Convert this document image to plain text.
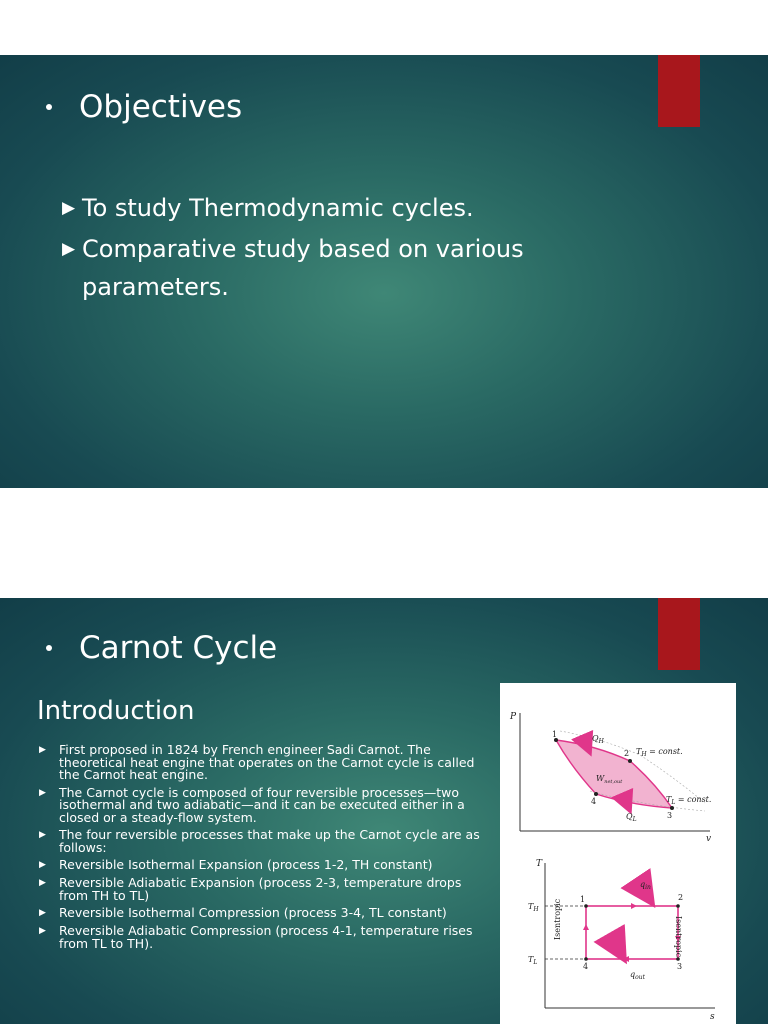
Objectives
▶ To study Thermodynamic cycles.
▶ Comparative study based on various parameters.
Carnot Cycle
Introduction
▶	First proposed in 1824 by French engineer Sadi Carnot. The theoretical heat engine that operates on the Carnot cycle is called the Carnot heat engine.
▶	The Carnot cycle is composed of four reversible processes—two isothermal and two adiabatic—and it can be executed either in a closed or a steady-flow system.
▶	The four reversible processes that make up the Carnot cycle are as follows:
▶	Reversible Isothermal Expansion (process 1-2, TH constant)
▶	Reversible Adiabatic Expansion (process 2-3, temperature drops from TH to TL)
▶	Reversible Isothermal Compression (process 3-4, TL constant)
▶	Reversible Adiabatic Compression (process 4-1, temperature rises from TL to TH).
P
v
1
2
3
4
$Q_H$
$T_H$ = const.
$W_{net,out}$
$T_L$ = const.
$Q_L$
T
s
$T_H$
$T_L$
1	2
3
4
Isentropic	Isentropic
$q_{in}$
$q_{out}$
